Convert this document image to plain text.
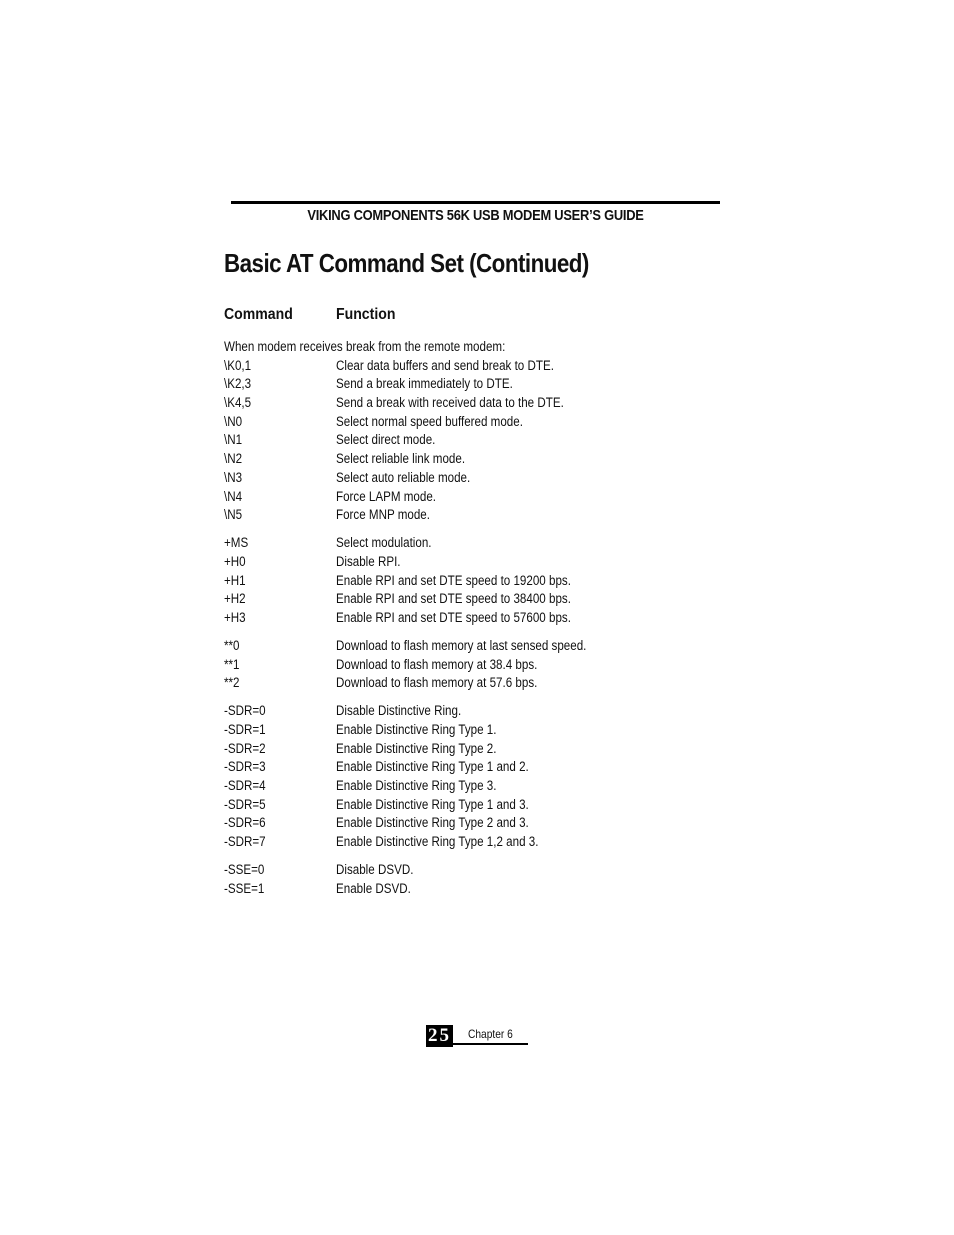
VIKING COMPONENTS 56K USB MODEM USER’S GUIDE
Basic AT Command Set (Continued)
Command	Function
When modem receives break from the remote modem:
\K0,1	Clear data buffers and send break to DTE.
\K2,3	Send a break immediately to DTE.
\K4,5	Send a break with received data to the DTE.
\N0	Select normal speed buffered mode.
\N1	Select direct mode.
\N2	Select reliable link mode.
\N3	Select auto reliable mode.
\N4	Force LAPM mode.
\N5	Force MNP mode.
+MS	Select modulation.
+H0	Disable RPI.
+H1	Enable RPI and set DTE speed to 19200 bps.
+H2	Enable RPI and set DTE speed to 38400 bps.
+H3	Enable RPI and set DTE speed to 57600 bps.
**0	Download to flash memory at last sensed speed.
**1	Download to flash memory at 38.4 bps.
**2	Download to flash memory at 57.6 bps.
-SDR=0	Disable Distinctive Ring.
-SDR=1	Enable Distinctive Ring Type 1.
-SDR=2	Enable Distinctive Ring Type 2.
-SDR=3	Enable Distinctive Ring Type 1 and 2.
-SDR=4	Enable Distinctive Ring Type 3.
-SDR=5	Enable Distinctive Ring Type 1 and 3.
-SDR=6	Enable Distinctive Ring Type 2 and 3.
-SDR=7	Enable Distinctive Ring Type 1,2 and 3.
-SSE=0	Disable DSVD.
-SSE=1	Enable DSVD.
25 Chapter 6
